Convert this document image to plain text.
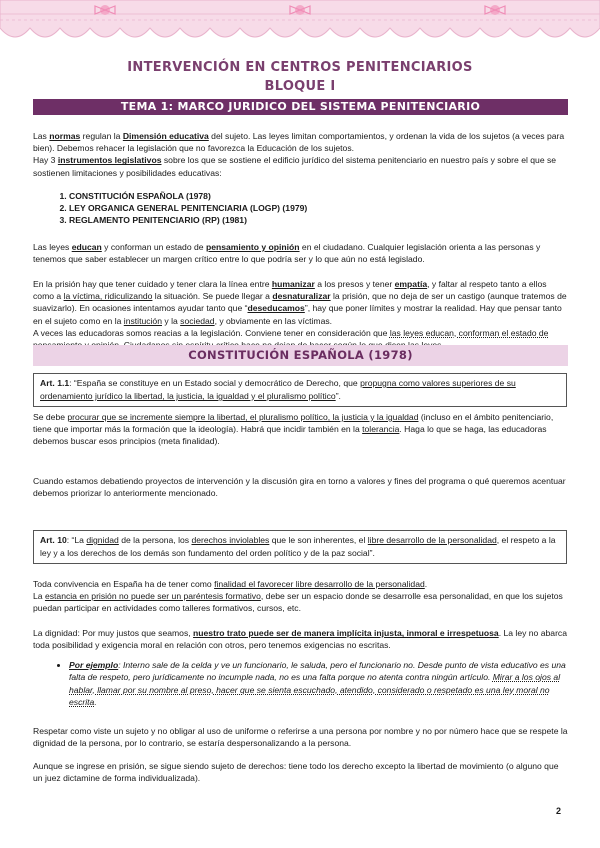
INTERVENCIÓN EN CENTROS PENITENCIARIOS
BLOQUE I
TEMA 1: MARCO JURIDICO DEL SISTEMA PENITENCIARIO

Las normas regulan la Dimensión educativa del sujeto. Las leyes limitan comportamientos, y ordenan la vida de los sujetos (a veces para bien). Debemos rehacer la legislación que no favorezca la Educación de los sujetos.
Hay 3 instrumentos legislativos sobre los que se sostiene el edificio jurídico del sistema penitenciario en nuestro país y sobre el que se sostienen limitaciones y posibilidades educativas:

1. CONSTITUCIÓN ESPAÑOLA (1978)
2. LEY ORGANICA GENERAL PENITENCIARIA (LOGP) (1979)
3. REGLAMENTO PENITENCIARIO (RP) (1981)

Las leyes educan y conforman un estado de pensamiento y opinión en el ciudadano. Cualquier legislación orienta a las personas y tenemos que saber establecer un margen crítico entre lo que podría ser y lo que aún no está legislado.

En la prisión hay que tener cuidado y tener clara la línea entre humanizar a los presos y tener empatía, y faltar al respeto tanto a ellos como a la víctima, ridiculizando la situación. Se puede llegar a desnaturalizar la prisión, que no deja de ser un castigo (aunque tratemos de suavizarlo). En ocasiones intentamos ayudar tanto que “deseducamos”, hay que poner límites y mostrar la realidad. Hay que pensar tanto en el sujeto como en la institución y la sociedad, y obviamente en las víctimas.

A veces las educadoras somos reacias a la legislación. Conviene tener en consideración que las leyes educan, conforman el estado de

CONSTITUCIÓN ESPAÑOLA (1978)
Art. 1.1: “España se constituye en un Estado social y democrático de Derecho, que propugna como valores superiores de su ordenamiento jurídico la libertad, la justicia, la igualdad y el pluralismo político”.

Se debe procurar que se incremente siempre la libertad, el pluralismo político, la justicia y la igualdad (incluso en el ámbito penitenciario, tiene que importar más la formación que la ideología). Habrá que incidir también en la tolerancia. Haga lo que se haga, las educadoras debemos buscar esos principios (meta finalidad).

Cuando estamos debatiendo proyectos de intervención y la discusión gira en torno a valores y fines del programa o qué queremos acentuar debemos priorizar lo anteriormente mencionado.

Art. 10: “La dignidad de la persona, los derechos inviolables que le son inherentes, el libre desarrollo de la personalidad, el respeto a la ley y a los derechos de los demás son fundamento del orden político y de la paz social”.

Toda convivencia en España ha de tener como finalidad el favorecer libre desarrollo de la personalidad.
La estancia en prisión no puede ser un paréntesis formativo, debe ser un espacio donde se desarrolle esa personalidad, en que los sujetos puedan participar en actividades como talleres formativos, cursos, etc.

La dignidad: Por muy justos que seamos, nuestro trato puede ser de manera implícita injusta, inmoral e irrespetuosa. La ley no abarca toda posibilidad y exigencia moral en relación con otros, pero tenemos exigencias no escritas.

• Por ejemplo: Interno sale de la celda y ve un funcionario, le saluda, pero el funcionario no. Desde punto de vista educativo es una falta de respeto, pero jurídicamente no incumple nada, no es una falta porque no atenta contra ningún artículo. Mirar a los ojos al hablar, llamar por su nombre al preso, hacer que se sienta escuchado, atendido, considerado o respetado es una ley moral no escrita.

Respetar como viste un sujeto y no obligar al uso de uniforme o referirse a una persona por nombre y no por número hace que se respete la dignidad de la persona, por lo contrario, se estaría despersonalizando a la persona.

Aunque se ingrese en prisión, se sigue siendo sujeto de derechos: tiene todo los derecho excepto la libertad de movimiento (o alguno que un juez dictamine de forma individualizada).

2
